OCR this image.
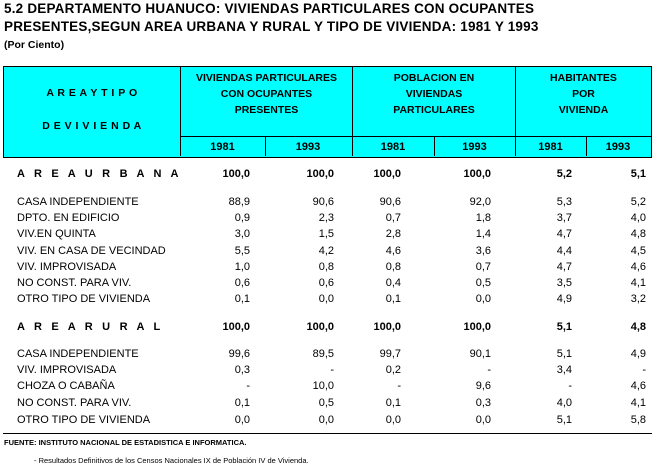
5.2 DEPARTAMENTO HUANUCO: VIVIENDAS PARTICULARES CON OCUPANTES
PRESENTES,SEGUN AREA URBANA Y RURAL Y TIPO DE VIVIENDA: 1981 Y 1993
(Por Ciento)
A R E A Y T I P O
D E V I V I E N D A
VIVIENDAS PARTICULARES
CON OCUPANTES
PRESENTES
POBLACION EN
VIVIENDAS
PARTICULARES
HABITANTES
POR
VIVIENDA
1981	1993	1981	1993	1981	1993
A R E A U R B A N A	100,0	100,0	100,0	100,0	5,2	5,1
CASA INDEPENDIENTE	88,9	90,6	90,6	92,0	5,3	5,2
DPTO. EN EDIFICIO	0,9	2,3	0,7	1,8	3,7	4,0
VIV.EN QUINTA	3,0	1,5	2,8	1,4	4,7	4,8
VIV. EN CASA DE VECINDAD	5,5	4,2	4,6	3,6	4,4	4,5
VIV. IMPROVISADA	1,0	0,8	0,8	0,7	4,7	4,6
NO CONST. PARA VIV.	0,6	0,6	0,4	0,5	3,5	4,1
OTRO TIPO DE VIVIENDA	0,1	0,0	0,1	0,0	4,9	3,2
A R E A R U R A L	100,0	100,0	100,0	100,0	5,1	4,8
CASA INDEPENDIENTE	99,6	89,5	99,7	90,1	5,1	4,9
VIV. IMPROVISADA	0,3	-	0,2	-	3,4	-
CHOZA O CABAÑA	-	10,0	-	9,6	-	4,6
NO CONST. PARA VIV.	0,1	0,5	0,1	0,3	4,0	4,1
OTRO TIPO DE VIVIENDA	0,0	0,0	0,0	0,0	5,1	5,8
FUENTE: INSTITUTO NACIONAL DE ESTADISTICA E INFORMATICA.
- Resultados Definitivos de los Censos Nacionales IX de Población IV de Vivienda.
